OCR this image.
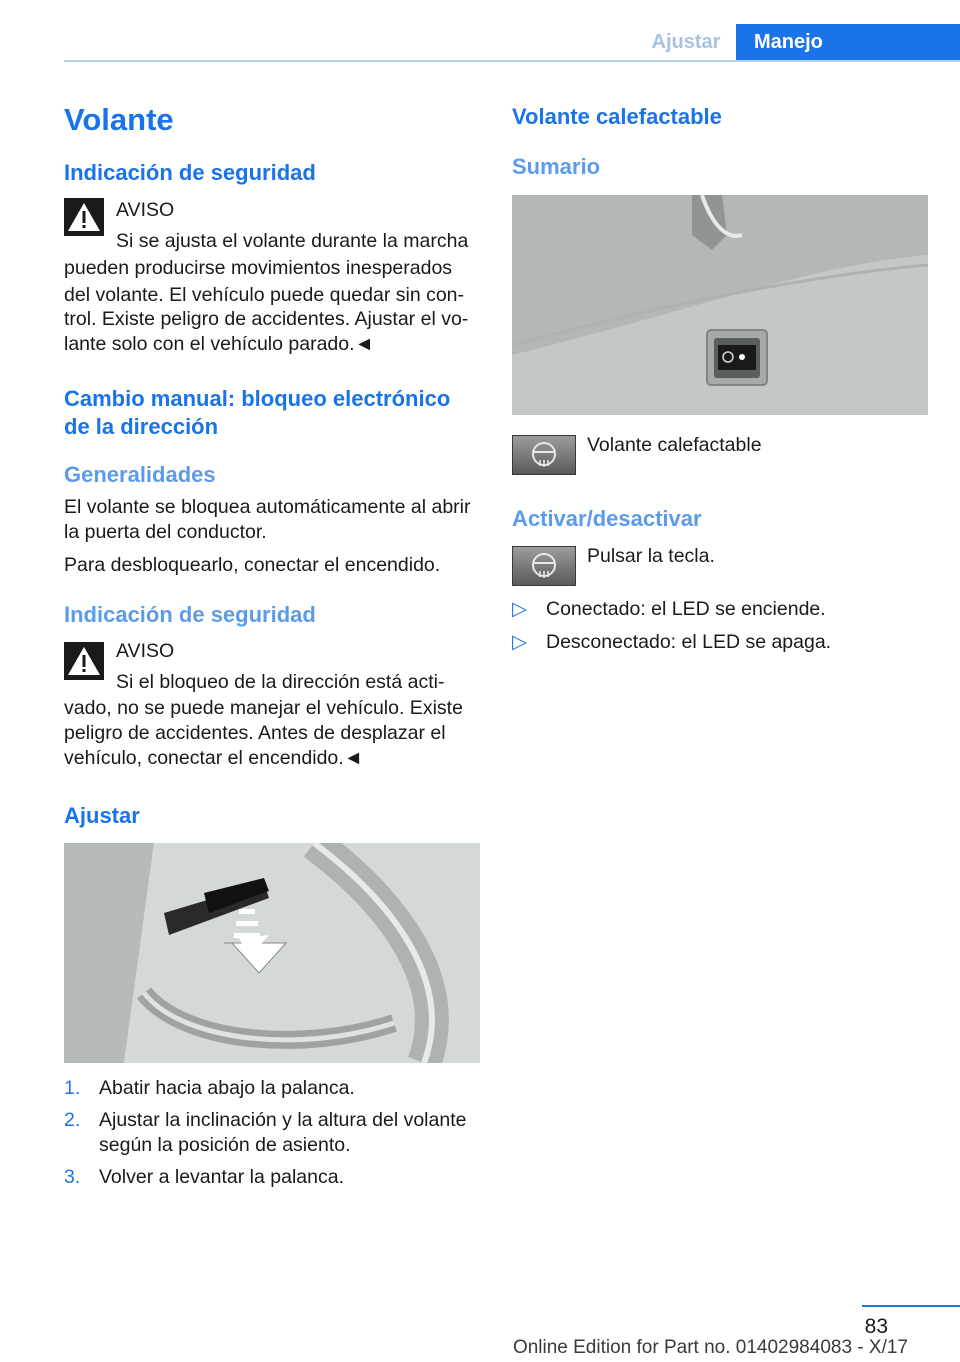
Ajustar	Manejo
Volante
Indicación de seguridad
AVISO
Si se ajusta el volante durante la marcha
pueden producirse movimientos inesperados
del volante. El vehículo puede quedar sin con‐
trol. Existe peligro de accidentes. Ajustar el vo‐
lante solo con el vehículo parado.◄
Cambio manual: bloqueo electrónico
de la dirección
Generalidades
El volante se bloquea automáticamente al abrir
la puerta del conductor.
Para desbloquearlo, conectar el encendido.
Indicación de seguridad
AVISO
Si el bloqueo de la dirección está acti‐
vado, no se puede manejar el vehículo. Existe
peligro de accidentes. Antes de desplazar el
vehículo, conectar el encendido.◄
Ajustar
1. Abatir hacia abajo la palanca.
2. Ajustar la inclinación y la altura del volante
según la posición de asiento.
3. Volver a levantar la palanca.
Volante calefactable
Sumario
Volante calefactable
Activar/desactivar
Pulsar la tecla.
▷ Conectado: el LED se enciende.
▷ Desconectado: el LED se apaga.
83
Online Edition for Part no. 01402984083 - X/17
